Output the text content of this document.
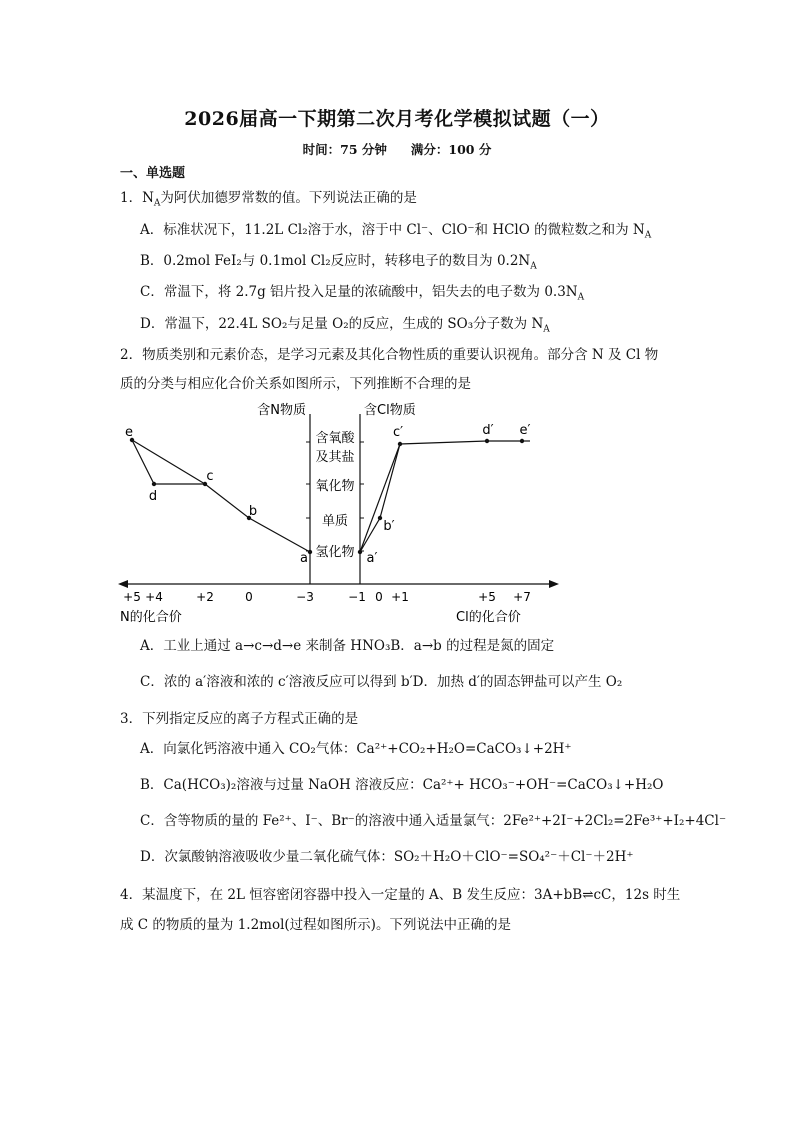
2026届高一下期第二次月考化学模拟试题（一）
时间：75 分钟 满分：100 分
一、单选题
1．$N_A$为阿伏加德罗常数的值。下列说法正确的是
A．标准状况下，11.2L Cl₂溶于水，溶于中 Cl⁻、ClO⁻和 HClO 的微粒数之和为 $N_A$
B．0.2mol FeI₂与 0.1mol Cl₂反应时，转移电子的数目为 $0.2N_A$
C．常温下，将 2.7g 铝片投入足量的浓硫酸中，铝失去的电子数为 $0.3N_A$
D．常温下，22.4L SO₂与足量 O₂的反应，生成的 SO₃分子数为 $N_A$
2．物质类别和元素价态，是学习元素及其化合物性质的重要认识视角。部分含 N 及 Cl 物
质的分类与相应化合价关系如图所示，下列推断不合理的是
含N物质	含Cl物质
含氧酸
及其盐
氧化物
单质
氢化物
+5 +4	+2	0	−3	−1 0 +1	+5 +7
N的化合价	Cl的化合价
e
d
c
b
a	a′
b′
c′	d′ e′
A．工业上通过 a→c→d→e 来制备 HNO₃B．a→b 的过程是氮的固定
C．浓的 a′溶液和浓的 c′溶液反应可以得到 b′D．加热 d′的固态钾盐可以产生 O₂
3．下列指定反应的离子方程式正确的是
A．向氯化钙溶液中通入 CO₂气体：Ca²⁺+CO₂+H₂O=CaCO₃↓+2H⁺
B．Ca(HCO₃)₂溶液与过量 NaOH 溶液反应：Ca²⁺+ HCO₃⁻+OH⁻=CaCO₃↓+H₂O
C．含等物质的量的 Fe²⁺、I⁻、Br⁻的溶液中通入适量氯气：2Fe²⁺+2I⁻+2Cl₂=2Fe³⁺+I₂+4Cl⁻
D．次氯酸钠溶液吸收少量二氧化硫气体：SO₂＋H₂O＋ClO⁻=SO₄²⁻＋Cl⁻＋2H⁺
4．某温度下，在 2L 恒容密闭容器中投入一定量的 A、B 发生反应：3A+bB⇌cC，12s 时生
成 C 的物质的量为 1.2mol(过程如图所示)。下列说法中正确的是
